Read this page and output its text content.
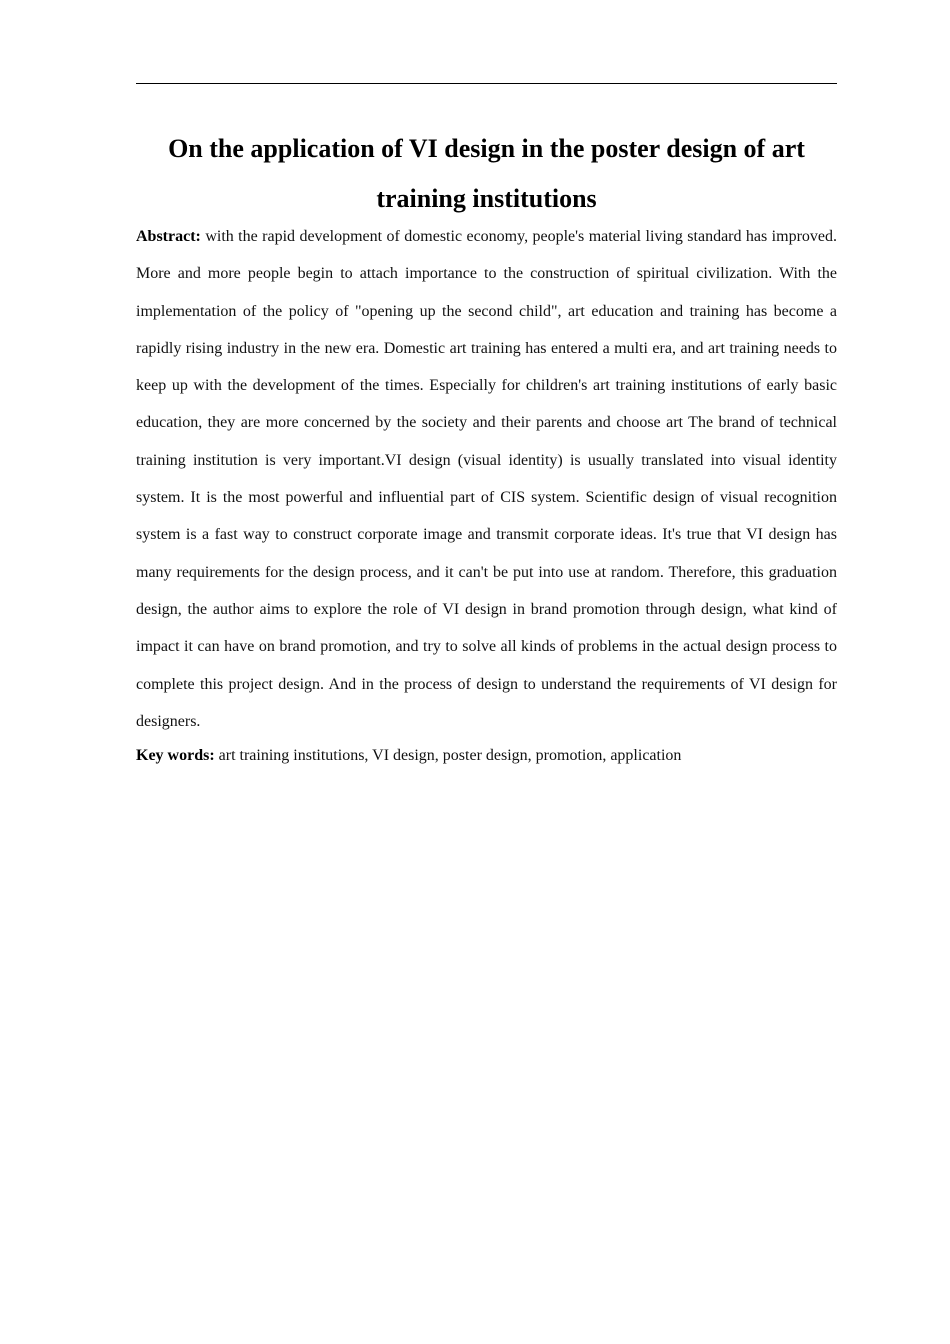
On the application of VI design in the poster design of art training institutions

Abstract: with the rapid development of domestic economy, people's material living standard has improved. More and more people begin to attach importance to the construction of spiritual civilization. With the implementation of the policy of "opening up the second child", art education and training has become a rapidly rising industry in the new era. Domestic art training has entered a multi era, and art training needs to keep up with the development of the times. Especially for children's art training institutions of early basic education, they are more concerned by the society and their parents and choose art The brand of technical training institution is very important.VI design (visual identity) is usually translated into visual identity system. It is the most powerful and influential part of CIS system. Scientific design of visual recognition system is a fast way to construct corporate image and transmit corporate ideas. It's true that VI design has many requirements for the design process, and it can't be put into use at random. Therefore, this graduation design, the author aims to explore the role of VI design in brand promotion through design, what kind of impact it can have on brand promotion, and try to solve all kinds of problems in the actual design process to complete this project design. And in the process of design to understand the requirements of VI design for designers.

Key words: art training institutions, VI design, poster design, promotion, application
